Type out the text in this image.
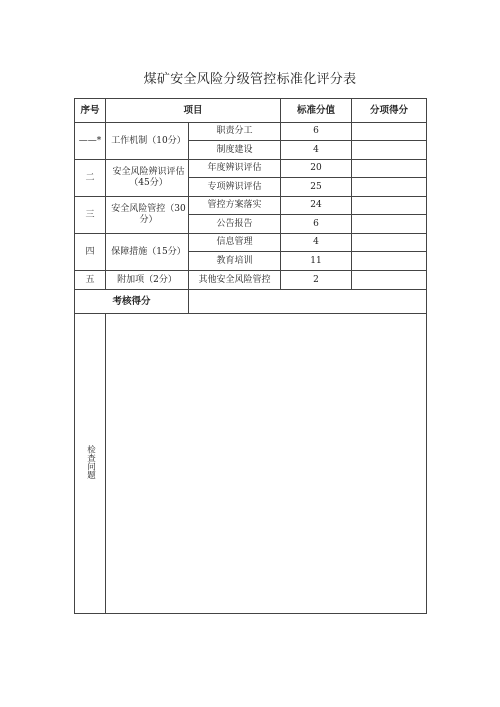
煤矿安全风险分级管控标准化评分表
序号	项目		标准分值	分项得分
——*	工作机制（10分）	职责分工	6	
		制度建设	4	
二	安全风险辨识评估（45分）	年度辨识评估	20	
		专项辨识评估	25	
三	安全风险管控（30分）	管控方案落实	24	
		公告报告	6	
四	保障措施（15分）	信息管理	4	
		教育培训	11	
五	附加项（2分）	其他安全风险管控	2	
考核得分				
检查问题				
